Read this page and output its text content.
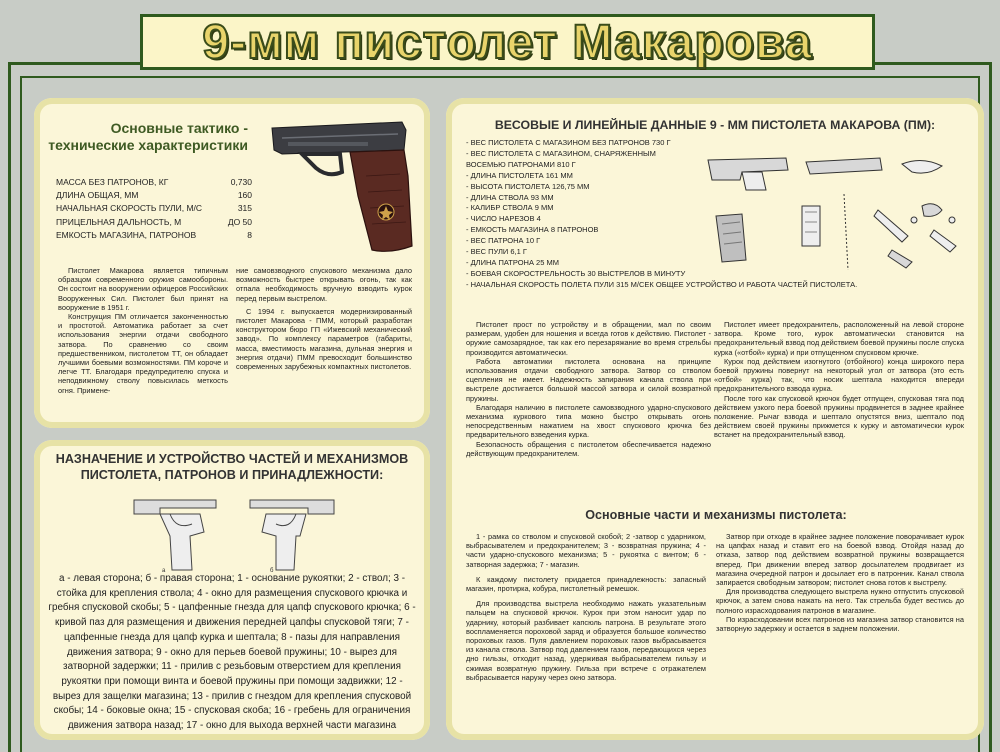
9-мм пистолет Макарова
Основные тактико - технические характеристики
МАССА БЕЗ ПАТРОНОВ, КГ	0,730
ДЛИНА ОБЩАЯ, ММ	160
НАЧАЛЬНАЯ СКОРОСТЬ ПУЛИ, М/С	315
ПРИЦЕЛЬНАЯ ДАЛЬНОСТЬ, М	ДО 50
ЕМКОСТЬ МАГАЗИНА, ПАТРОНОВ	8

Пистолет Макарова является типичным образцом современного оружия самообороны. Он состоит на вооружении офицеров Российских Вооруженных Сил. Пистолет был принят на вооружение в 1951 г.

Конструкция ПМ отличается законченностью и простотой. Автоматика работает за счет использования энергии отдачи свободного затвора. По сравнению со своим предшественником, пистолетом ТТ, он обладает лучшими боевыми возможностями. ПМ короче и легче ТТ. Благодаря предупредителю спуска и неподвижному стволу повысилась меткость огня. Примене-

ние самовзводного спускового механизма дало возможность быстрее открывать огонь, так как отпала необходимость вручную взводить курок перед первым выстрелом.

С 1994 г. выпускается модернизированный пистолет Макарова - ПММ, который разработан конструктором бюро ГП «Ижевский механический завод». По комплексу параметров (габариты, масса, вместимость магазина, дульная энергия и энергия отдачи) ПММ превосходит большинство современных зарубежных компактных пистолетов.

НАЗНАЧЕНИЕ И УСТРОЙСТВО ЧАСТЕЙ И МЕХАНИЗМОВ ПИСТОЛЕТА, ПАТРОНОВ И ПРИНАДЛЕЖНОСТИ:
а	б
а - левая сторона; б - правая сторона; 1 - основание рукоятки; 2 - ствол; 3 - стойка для крепления ствола; 4 - окно для размещения спускового крючка и гребня спусковой скобы; 5 - цапфенные гнезда для цапф спускового крючка; 6 - кривой паз для размещения и движения передней цапфы спусковой тяги; 7 - цапфенные гнезда для цапф курка и шептала; 8 - пазы для направления движения затвора; 9 - окно для перьев боевой пружины; 10 - вырез для затворной задержки; 11 - прилив с резьбовым отверстием для крепления рукоятки при помощи винта и боевой пружины при помощи задвижки; 12 - вырез для защелки магазина; 13 - прилив с гнездом для крепления спусковой скобы; 14 - боковые окна; 15 - спусковая скоба; 16 - гребень для ограничения движения затвора назад; 17 - окно для выхода верхней части магазина
ВЕСОВЫЕ И ЛИНЕЙНЫЕ ДАННЫЕ 9 - ММ ПИСТОЛЕТА МАКАРОВА (ПМ):
- ВЕС ПИСТОЛЕТА С МАГАЗИНОМ БЕЗ ПАТРОНОВ 730 Г
- ВЕС ПИСТОЛЕТА С МАГАЗИНОМ, СНАРЯЖЕННЫМ
ВОСЕМЬЮ ПАТРОНАМИ 810 Г
- ДЛИНА ПИСТОЛЕТА 161 ММ
- ВЫСОТА ПИСТОЛЕТА 126,75 ММ
- ДЛИНА СТВОЛА 93 ММ
- КАЛИБР СТВОЛА 9 ММ
- ЧИСЛО НАРЕЗОВ 4
- ЕМКОСТЬ МАГАЗИНА 8 ПАТРОНОВ
- ВЕС ПАТРОНА 10 Г
- ВЕС ПУЛИ 6,1 Г
- ДЛИНА ПАТРОНА 25 ММ
- БОЕВАЯ СКОРОСТРЕЛЬНОСТЬ 30 ВЫСТРЕЛОВ В МИНУТУ
- НАЧАЛЬНАЯ СКОРОСТЬ ПОЛЕТА ПУЛИ 315 М/СЕК ОБЩЕЕ УСТРОЙСТВО И РАБОТА ЧАСТЕЙ ПИСТОЛЕТА.

Пистолет прост по устройству и в обращении, мал по своим размерам, удобен для ношения и всегда готов к действию. Пистолет - оружие самозарядное, так как его перезаряжание во время стрельбы производится автоматически.

Работа автоматики пистолета основана на принципе использования отдачи свободного затвора. Затвор со стволом сцепления не имеет. Надежность запирания канала ствола при выстреле достигается большой массой затвора и силой возвратной пружины.

Благодаря наличию в пистолете самовзводного ударно-спускового механизма куркового типа можно быстро открывать огонь непосредственным нажатием на хвост спускового крючка без предварительного взведения курка.

Безопасность обращения с пистолетом обеспечивается надежно действующим предохранителем.

Пистолет имеет предохранитель, расположенный на левой стороне затвора. Кроме того, курок автоматически становится на предохранительный взвод под действием боевой пружины после спуска курка («отбой» курка) и при отпущенном спусковом крючке.

Курок под действием изогнутого (отбойного) конца широкого пера боевой пружины повернут на некоторый угол от затвора (это есть «отбой» курка) так, что носик шептала находится впереди предохранительного взвода курка.

После того как спусковой крючок будет отпущен, спусковая тяга под действием узкого пера боевой пружины продвинется в заднее крайнее положение. Рычаг взвода и шептало опустятся вниз, шептало под действием своей пружины прижмется к курку и автоматически курок встанет на предохранительный взвод.

Основные части и механизмы пистолета:

1 - рамка со стволом и спусковой скобой; 2 -затвор с ударником, выбрасывателем и предохранителем; 3 - возвратная пружина; 4 - части ударно-спускового механизма; 5 - рукоятка с винтом; 6 - затворная задержка; 7 - магазин.

К каждому пистолету придается принадлежность: запасный магазин, протирка, кобура, пистолетный ремешок.

Для производства выстрела необходимо нажать указательным пальцем на спусковой крючок. Курок при этом наносит удар по ударнику, который разбивает капсюль патрона. В результате этого воспламеняется пороховой заряд и образуется большое количество пороховых газов. Пуля давлением пороховых газов выбрасывается из канала ствола. Затвор под давлением газов, передающихся через дно гильзы, отходит назад, удерживая выбрасывателем гильзу и сжимая возвратную пружину. Гильза при встрече с отражателем выбрасывается наружу через окно затвора.

Затвор при отходе в крайнее заднее положение поворачивает курок на цапфах назад и ставит его на боевой взвод. Отойдя назад до отказа, затвор под действием возвратной пружины возвращается вперед. При движении вперед затвор досылателем продвигает из магазина очередной патрон и досылает его в патронник. Канал ствола запирается свободным затвором; пистолет снова готов к выстрелу.

Для производства следующего выстрела нужно отпустить спусковой крючок, а затем снова нажать на него. Так стрельба будет вестись до полного израсходования патронов в магазине.

По израсходовании всех патронов из магазина затвор становится на затворную задержку и остается в заднем положении.
